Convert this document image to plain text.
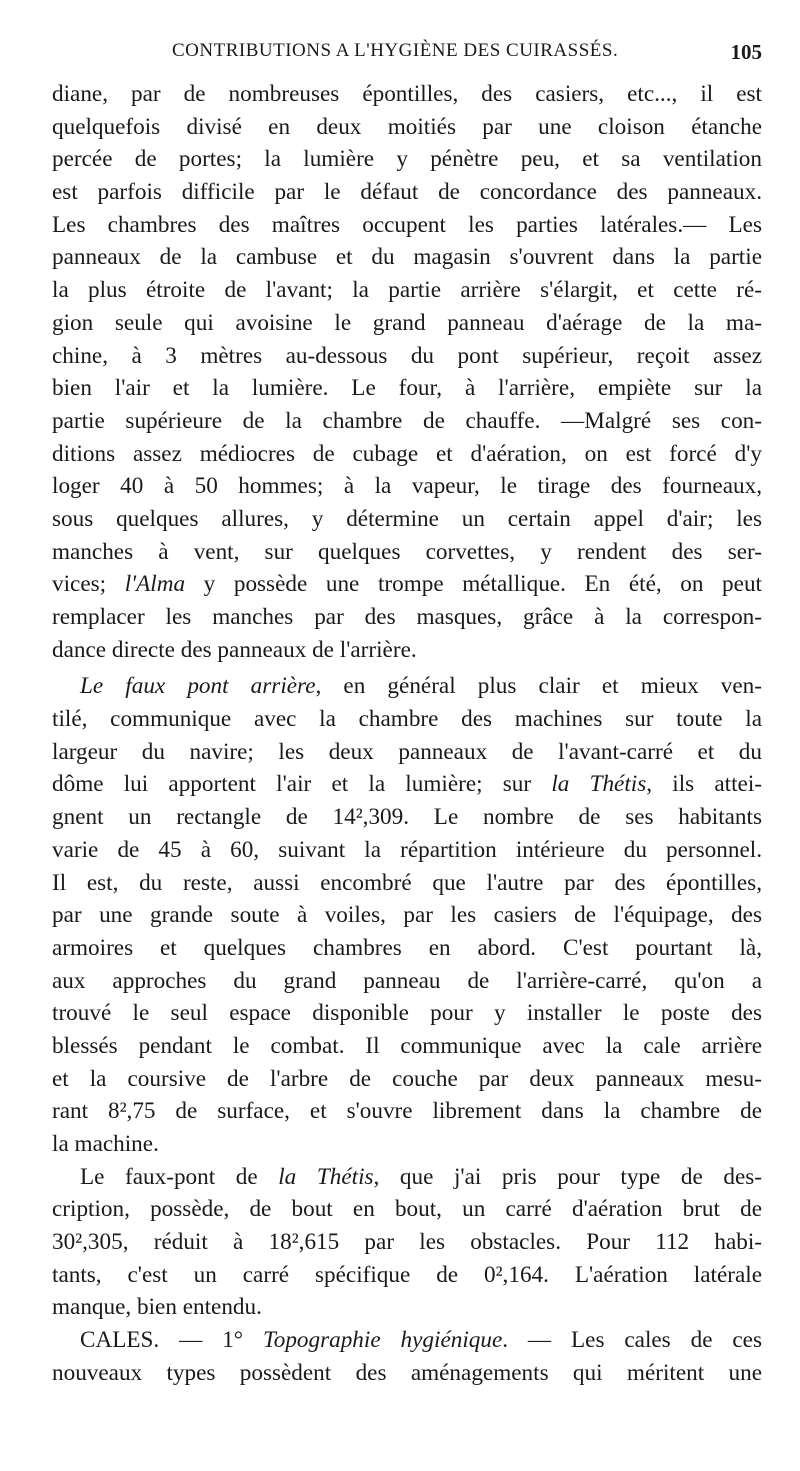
CONTRIBUTIONS A L'HYGIÈNE DES CUIRASSÉS.	105
diane, par de nombreuses épontilles, des casiers, etc..., il est
quelquefois divisé en deux moitiés par une cloison étanche
percée de portes; la lumière y pénètre peu, et sa ventilation
est parfois difficile par le défaut de concordance des panneaux.
Les chambres des maîtres occupent les parties latérales.— Les
panneaux de la cambuse et du magasin s'ouvrent dans la partie
la plus étroite de l'avant; la partie arrière s'élargit, et cette ré-
gion seule qui avoisine le grand panneau d'aérage de la ma-
chine, à 3 mètres au-dessous du pont supérieur, reçoit assez
bien l'air et la lumière. Le four, à l'arrière, empiète sur la
partie supérieure de la chambre de chauffe. —Malgré ses con-
ditions assez médiocres de cubage et d'aération, on est forcé d'y
loger 40 à 50 hommes; à la vapeur, le tirage des fourneaux,
sous quelques allures, y détermine un certain appel d'air; les
manches à vent, sur quelques corvettes, y rendent des ser-
vices; l'Alma y possède une trompe métallique. En été, on peut
remplacer les manches par des masques, grâce à la correspon-
dance directe des panneaux de l'arrière.
Le faux pont arrière, en général plus clair et mieux ven-
tilé, communique avec la chambre des machines sur toute la
largeur du navire; les deux panneaux de l'avant-carré et du
dôme lui apportent l'air et la lumière; sur la Thétis, ils attei-
gnent un rectangle de 14²,309. Le nombre de ses habitants
varie de 45 à 60, suivant la répartition intérieure du personnel.
Il est, du reste, aussi encombré que l'autre par des épontilles,
par une grande soute à voiles, par les casiers de l'équipage, des
armoires et quelques chambres en abord. C'est pourtant là,
aux approches du grand panneau de l'arrière-carré, qu'on a
trouvé le seul espace disponible pour y installer le poste des
blessés pendant le combat. Il communique avec la cale arrière
et la coursive de l'arbre de couche par deux panneaux mesu-
rant 8²,75 de surface, et s'ouvre librement dans la chambre de
la machine.
Le faux-pont de la Thétis, que j'ai pris pour type de des-
cription, possède, de bout en bout, un carré d'aération brut de
30²,305, réduit à 18²,615 par les obstacles. Pour 112 habi-
tants, c'est un carré spécifique de 0²,164. L'aération latérale
manque, bien entendu.
CALES. — 1° Topographie hygiénique. — Les cales de ces
nouveaux types possèdent des aménagements qui méritent une
